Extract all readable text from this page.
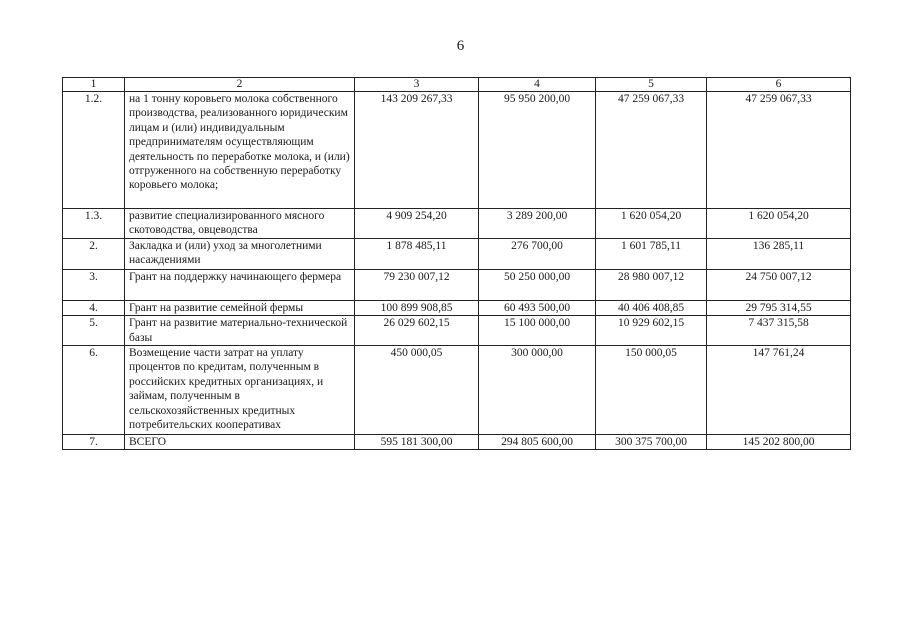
6
1	2	3	4	5	6
1.2.	на 1 тонну коровьего молока собственного производства, реализованного юридическим лицам и (или) индивидуальным предпринимателям осуществляющим деятельность по переработке молока, и (или) отгруженного на собственную переработку коровьего молока;	143 209 267,33	95 950 200,00	47 259 067,33	47 259 067,33
1.3.	развитие специализированного мясного скотоводства, овцеводства	4 909 254,20	3 289 200,00	1 620 054,20	1 620 054,20
2.	Закладка и (или) уход за многолетними насаждениями	1 878 485,11	276 700,00	1 601 785,11	136 285,11
3.	Грант на поддержку начинающего фермера	79 230 007,12	50 250 000,00	28 980 007,12	24 750 007,12
4.	Грант на развитие семейной фермы	100 899 908,85	60 493 500,00	40 406 408,85	29 795 314,55
5.	Грант на развитие материально-технической базы	26 029 602,15	15 100 000,00	10 929 602,15	7 437 315,58
6.	Возмещение части затрат на уплату процентов по кредитам, полученным в российских кредитных организациях, и займам, полученным в сельскохозяйственных кредитных потребительских кооперативах	450 000,05	300 000,00	150 000,05	147 761,24
7.	ВСЕГО	595 181 300,00	294 805 600,00	300 375 700,00	145 202 800,00
